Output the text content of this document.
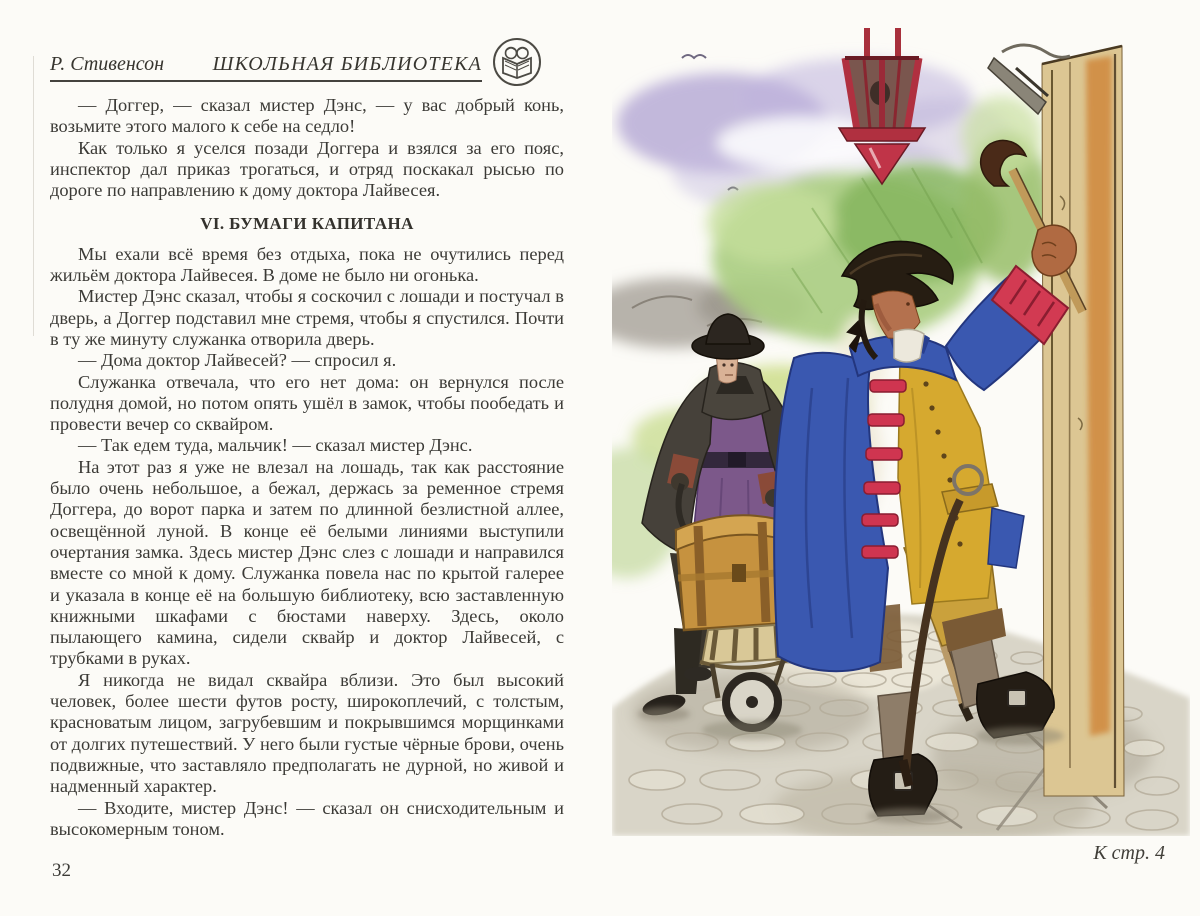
Р. Стивенсон ШКОЛЬНАЯ БИБЛИОТЕКА

— Доггер, — сказал мистер Дэнс, — у вас добрый конь, возьмите этого малого к себе на седло!

Как только я уселся позади Доггера и взялся за его пояс, инспектор дал приказ трогаться, и отряд поскакал рысью по дороге по направлению к дому доктора Лайвесея.

VI. БУМАГИ КАПИТАНА

Мы ехали всё время без отдыха, пока не очутились перед жильём доктора Лайвесея. В доме не было ни огонька.

Мистер Дэнс сказал, чтобы я соскочил с лошади и постучал в дверь, а Доггер подставил мне стремя, чтобы я спустился. Почти в ту же минуту служанка отворила дверь.

— Дома доктор Лайвесей? — спросил я.

Служанка отвечала, что его нет дома: он вернулся после полудня домой, но потом опять ушёл в замок, чтобы пообедать и провести вечер со сквайром.

— Так едем туда, мальчик! — сказал мистер Дэнс.

На этот раз я уже не влезал на лошадь, так как расстояние было очень небольшое, а бежал, держась за ременное стремя Доггера, до ворот парка и затем по длинной безлистной аллее, освещённой луной. В конце её белыми линиями выступили очертания замка. Здесь мистер Дэнс слез с лошади и направился вместе со мной к дому. Служанка повела нас по крытой галерее и указала в конце её на большую библиотеку, всю заставленную книжными шкафами с бюстами наверху. Здесь, около пылающего камина, сидели сквайр и доктор Лайвесей, с трубками в руках.

Я никогда не видал сквайра вблизи. Это был высокий человек, более шести футов росту, широкоплечий, с толстым, красноватым лицом, загрубевшим и покрывшимся морщинками от долгих путешествий. У него были густые чёрные брови, очень подвижные, что заставляло предполагать не дурной, но живой и надменный характер.

— Входите, мистер Дэнс! — сказал он снисходительным и высокомерным тоном.

32
К стр. 4
